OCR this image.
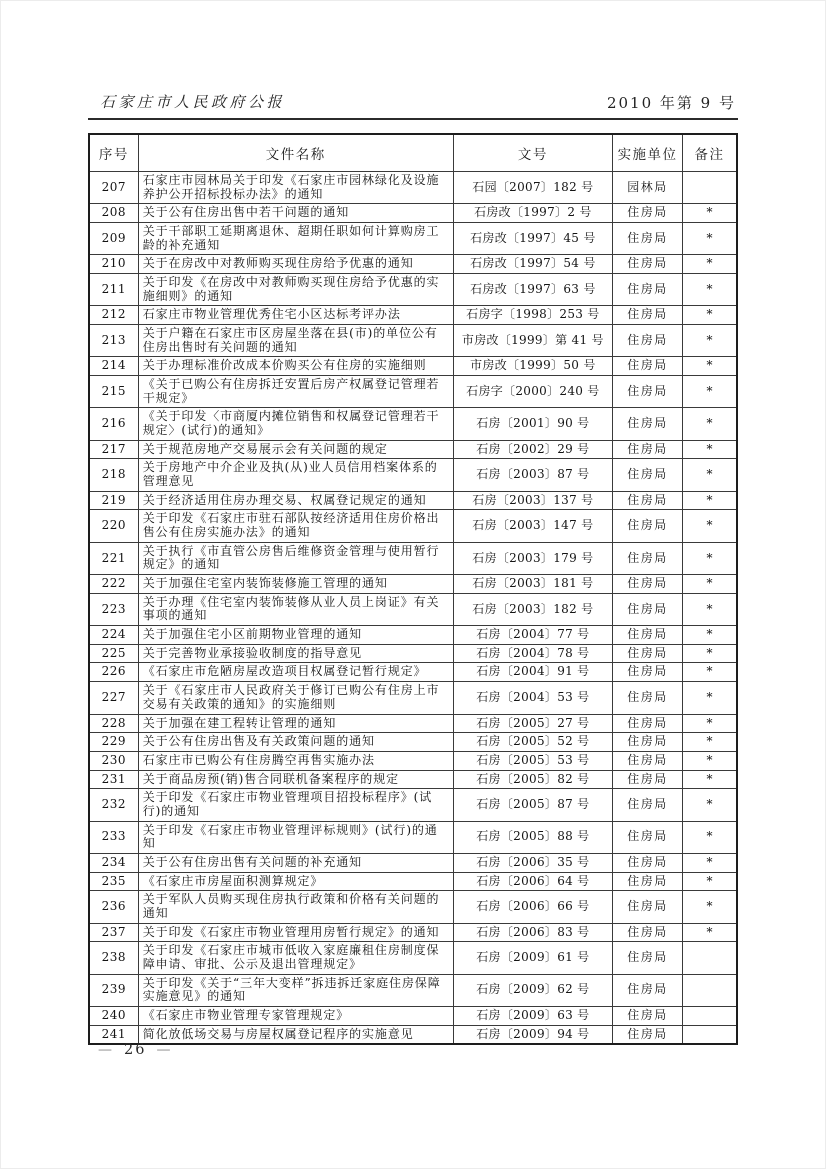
石家庄市人民政府公报	2010 年第 9 号
序号	文件名称	文号	实施单位	备注
207	石家庄市园林局关于印发《石家庄市园林绿化及设施养护公开招标投标办法》的通知	石园〔2007〕182 号	园林局	
208	关于公有住房出售中若干问题的通知	石房改〔1997〕2 号	住房局	*
209	关于干部职工延期离退休、超期任职如何计算购房工龄的补充通知	石房改〔1997〕45 号	住房局	*
210	关于在房改中对教师购买现住房给予优惠的通知	石房改〔1997〕54 号	住房局	*
211	关于印发《在房改中对教师购买现住房给予优惠的实施细则》的通知	石房改〔1997〕63 号	住房局	*
212	石家庄市物业管理优秀住宅小区达标考评办法	石房字〔1998〕253 号	住房局	*
213	关于户籍在石家庄市区房屋坐落在县(市)的单位公有住房出售时有关问题的通知	市房改〔1999〕第 41 号	住房局	*
214	关于办理标准价改成本价购买公有住房的实施细则	市房改〔1999〕50 号	住房局	*
215	《关于已购公有住房拆迁安置后房产权属登记管理若干规定》	石房字〔2000〕240 号	住房局	*
216	《关于印发〈市商厦内摊位销售和权属登记管理若干规定〉(试行)的通知》	石房〔2001〕90 号	住房局	*
217	关于规范房地产交易展示会有关问题的规定	石房〔2002〕29 号	住房局	*
218	关于房地产中介企业及执(从)业人员信用档案体系的管理意见	石房〔2003〕87 号	住房局	*
219	关于经济适用住房办理交易、权属登记规定的通知	石房〔2003〕137 号	住房局	*
220	关于印发《石家庄市驻石部队按经济适用住房价格出售公有住房实施办法》的通知	石房〔2003〕147 号	住房局	*
221	关于执行《市直管公房售后维修资金管理与使用暂行规定》的通知	石房〔2003〕179 号	住房局	*
222	关于加强住宅室内装饰装修施工管理的通知	石房〔2003〕181 号	住房局	*
223	关于办理《住宅室内装饰装修从业人员上岗证》有关事项的通知	石房〔2003〕182 号	住房局	*
224	关于加强住宅小区前期物业管理的通知	石房〔2004〕77 号	住房局	*
225	关于完善物业承接验收制度的指导意见	石房〔2004〕78 号	住房局	*
226	《石家庄市危陋房屋改造项目权属登记暂行规定》	石房〔2004〕91 号	住房局	*
227	关于《石家庄市人民政府关于修订已购公有住房上市交易有关政策的通知》的实施细则	石房〔2004〕53 号	住房局	*
228	关于加强在建工程转让管理的通知	石房〔2005〕27 号	住房局	*
229	关于公有住房出售及有关政策问题的通知	石房〔2005〕52 号	住房局	*
230	石家庄市已购公有住房腾空再售实施办法	石房〔2005〕53 号	住房局	*
231	关于商品房预(销)售合同联机备案程序的规定	石房〔2005〕82 号	住房局	*
232	关于印发《石家庄市物业管理项目招投标程序》(试行)的通知	石房〔2005〕87 号	住房局	*
233	关于印发《石家庄市物业管理评标规则》(试行)的通知	石房〔2005〕88 号	住房局	*
234	关于公有住房出售有关问题的补充通知	石房〔2006〕35 号	住房局	*
235	《石家庄市房屋面积测算规定》	石房〔2006〕64 号	住房局	*
236	关于军队人员购买现住房执行政策和价格有关问题的通知	石房〔2006〕66 号	住房局	*
237	关于印发《石家庄市物业管理用房暂行规定》的通知	石房〔2006〕83 号	住房局	*
238	关于印发《石家庄市城市低收入家庭廉租住房制度保障申请、审批、公示及退出管理规定》	石房〔2009〕61 号	住房局	
239	关于印发《关于“三年大变样”拆违拆迁家庭住房保障实施意见》的通知	石房〔2009〕62 号	住房局	
240	《石家庄市物业管理专家管理规定》	石房〔2009〕63 号	住房局	
241	简化放低场交易与房屋权属登记程序的实施意见	石房〔2009〕94 号	住房局	
— 26 —
